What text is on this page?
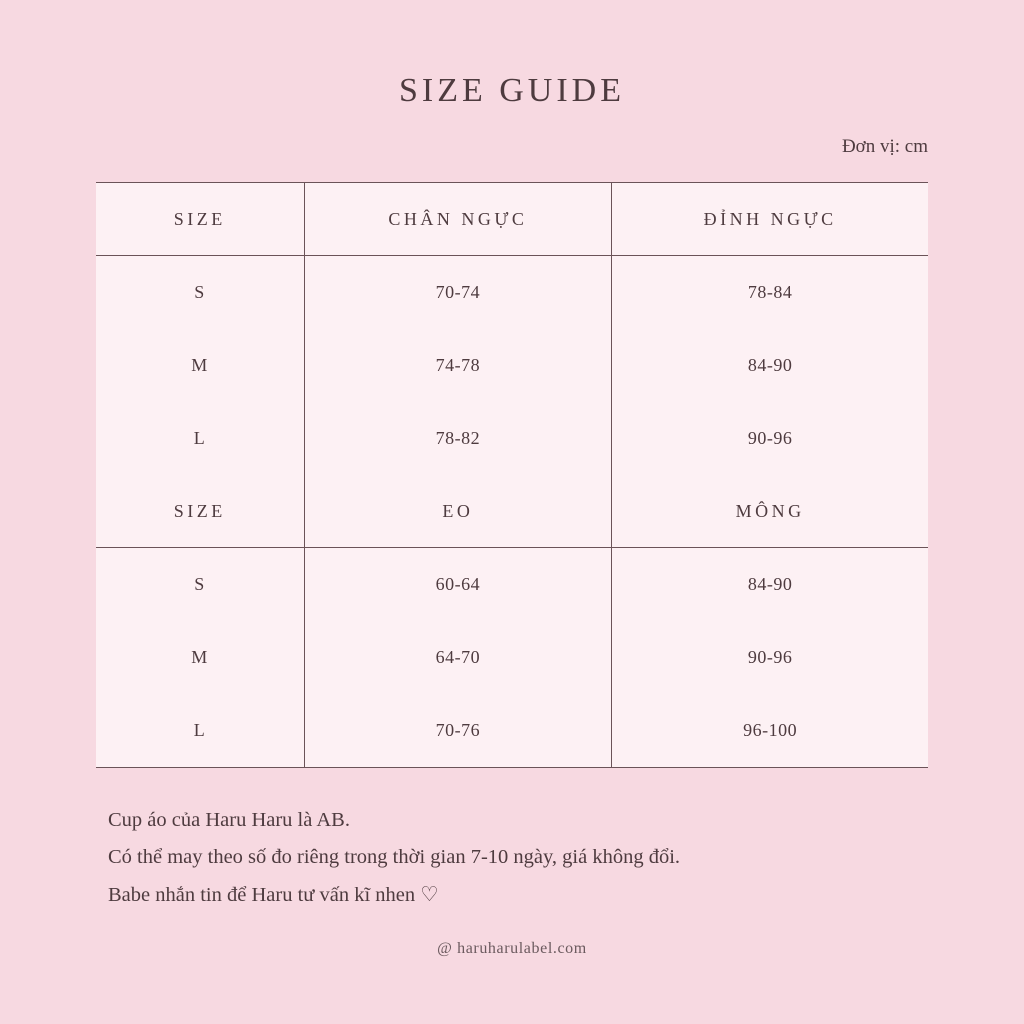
SIZE GUIDE
Đơn vị: cm
SIZE	CHÂN NGỰC	ĐỈNH NGỰC
S	70-74	78-84
M	74-78	84-90
L	78-82	90-96
SIZE	EO	MÔNG
S	60-64	84-90
M	64-70	90-96
L	70-76	96-100
Cup áo của Haru Haru là AB.
Có thể may theo số đo riêng trong thời gian 7-10 ngày, giá không đổi.
Babe nhắn tin để Haru tư vấn kĩ nhen ♡
@ haruharulabel.com
